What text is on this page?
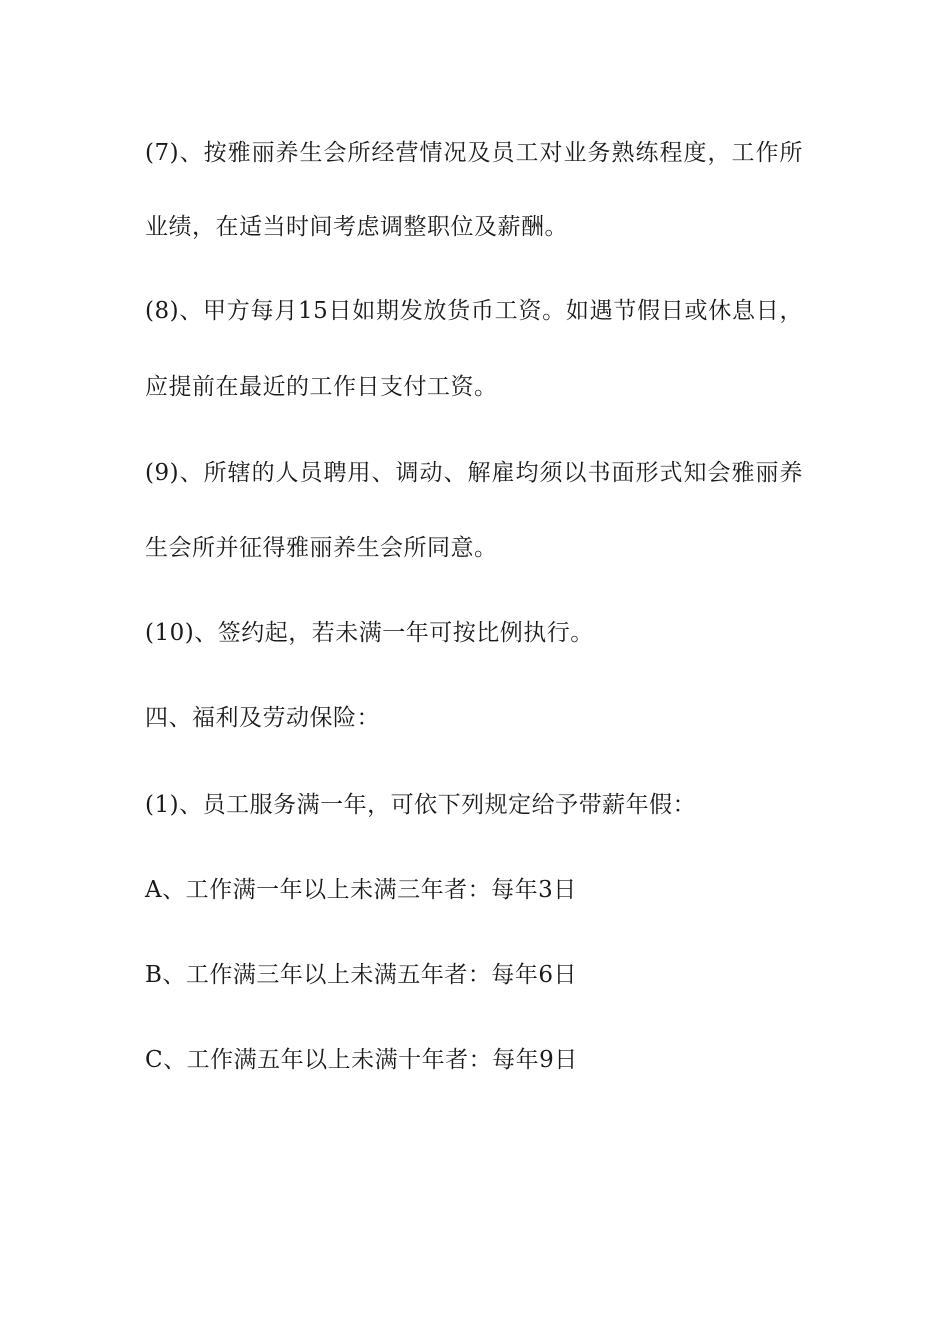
(7)、按雅丽养生会所经营情况及员工对业务熟练程度，工作所
业绩，在适当时间考虑调整职位及薪酬。
(8)、甲方每月15日如期发放货币工资。如遇节假日或休息日，
应提前在最近的工作日支付工资。
(9)、所辖的人员聘用、调动、解雇均须以书面形式知会雅丽养
生会所并征得雅丽养生会所同意。
(10)、签约起，若未满一年可按比例执行。
四、福利及劳动保险：
(1)、员工服务满一年，可依下列规定给予带薪年假：
A、工作满一年以上未满三年者：每年3日
B、工作满三年以上未满五年者：每年6日
C、工作满五年以上未满十年者：每年9日
